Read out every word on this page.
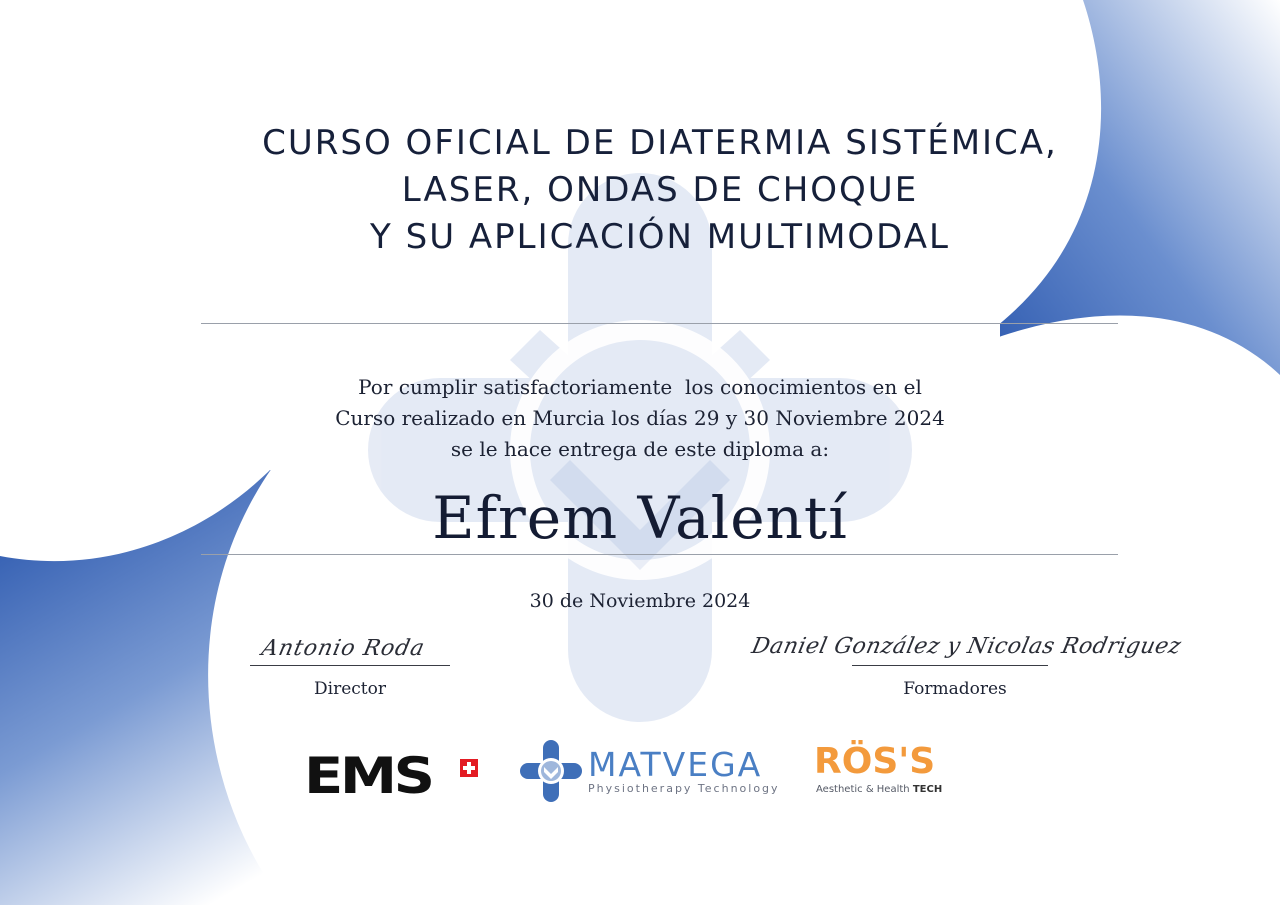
CURSO OFICIAL DE DIATERMIA SISTÉMICA,
LASER, ONDAS DE CHOQUE
Y SU APLICACIÓN MULTIMODAL
Por cumplir satisfactoriamente  los conocimientos en el
Curso realizado en Murcia los días 29 y 30 Noviembre 2024
se le hace entrega de este diploma a:
Efrem Valentí
30 de Noviembre 2024
Antonio Roda
Director
Daniel González y Nicolas Rodriguez
Formadores
EMS	MATVEGA
Physiotherapy Technology
RÖS'S
Aesthetic & Health TECH
